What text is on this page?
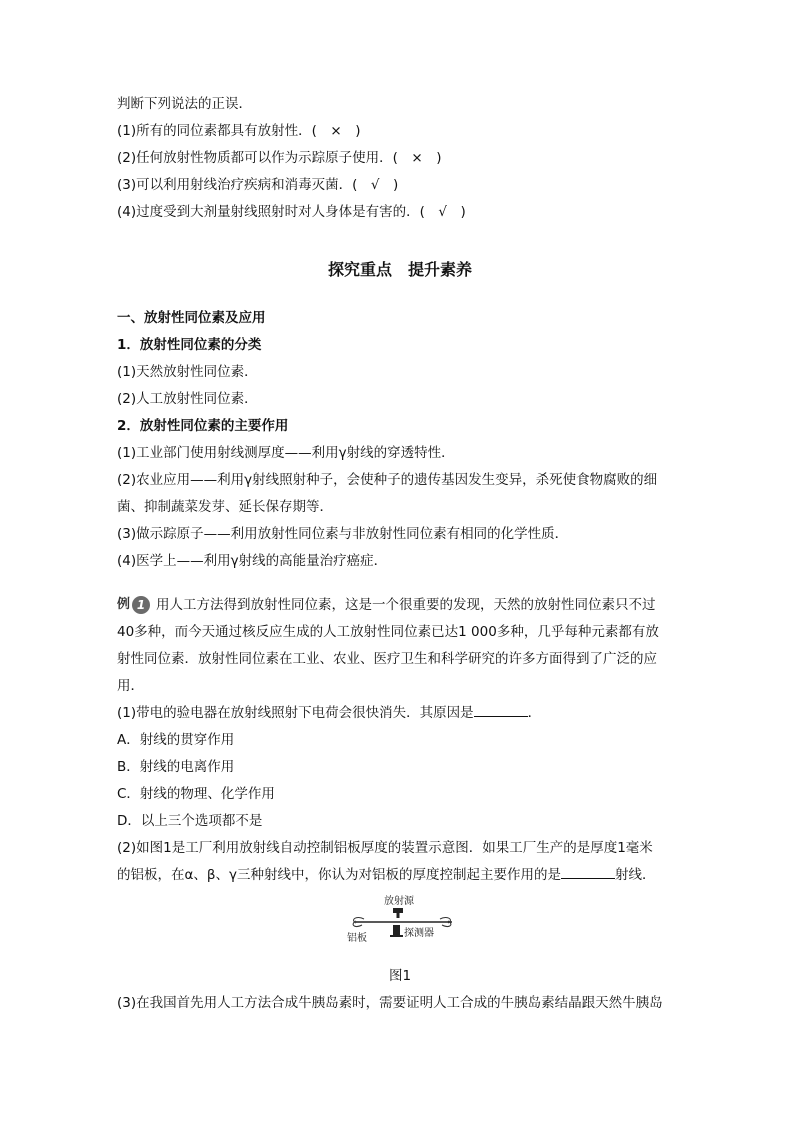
判断下列说法的正误．
(1)所有的同位素都具有放射性．(　×　)
(2)任何放射性物质都可以作为示踪原子使用．(　×　)
(3)可以利用射线治疗疾病和消毒灭菌．(　√　)
(4)过度受到大剂量射线照射时对人身体是有害的．(　√　)
探究重点　提升素养
一、放射性同位素及应用
1．放射性同位素的分类
(1)天然放射性同位素．
(2)人工放射性同位素．
2．放射性同位素的主要作用
(1)工业部门使用射线测厚度——利用γ射线的穿透特性．
(2)农业应用——利用γ射线照射种子，会使种子的遗传基因发生变异，杀死使食物腐败的细
菌、抑制蔬菜发芽、延长保存期等．
(3)做示踪原子——利用放射性同位素与非放射性同位素有相同的化学性质．
(4)医学上——利用γ射线的高能量治疗癌症．
例 1 用人工方法得到放射性同位素，这是一个很重要的发现，天然的放射性同位素只不过
40多种，而今天通过核反应生成的人工放射性同位素已达1 000多种，几乎每种元素都有放
射性同位素．放射性同位素在工业、农业、医疗卫生和科学研究的许多方面得到了广泛的应
用．
(1)带电的验电器在放射线照射下电荷会很快消失．其原因是	．
A．射线的贯穿作用
B．射线的电离作用
C．射线的物理、化学作用
D．以上三个选项都不是
(2)如图1是工厂利用放射线自动控制铝板厚度的装置示意图．如果工厂生产的是厚度1毫米
的铝板，在α、β、γ三种射线中，你认为对铝板的厚度控制起主要作用的是	射线．
放射源
铝板	探测器
图1
(3)在我国首先用人工方法合成牛胰岛素时，需要证明人工合成的牛胰岛素结晶跟天然牛胰岛
